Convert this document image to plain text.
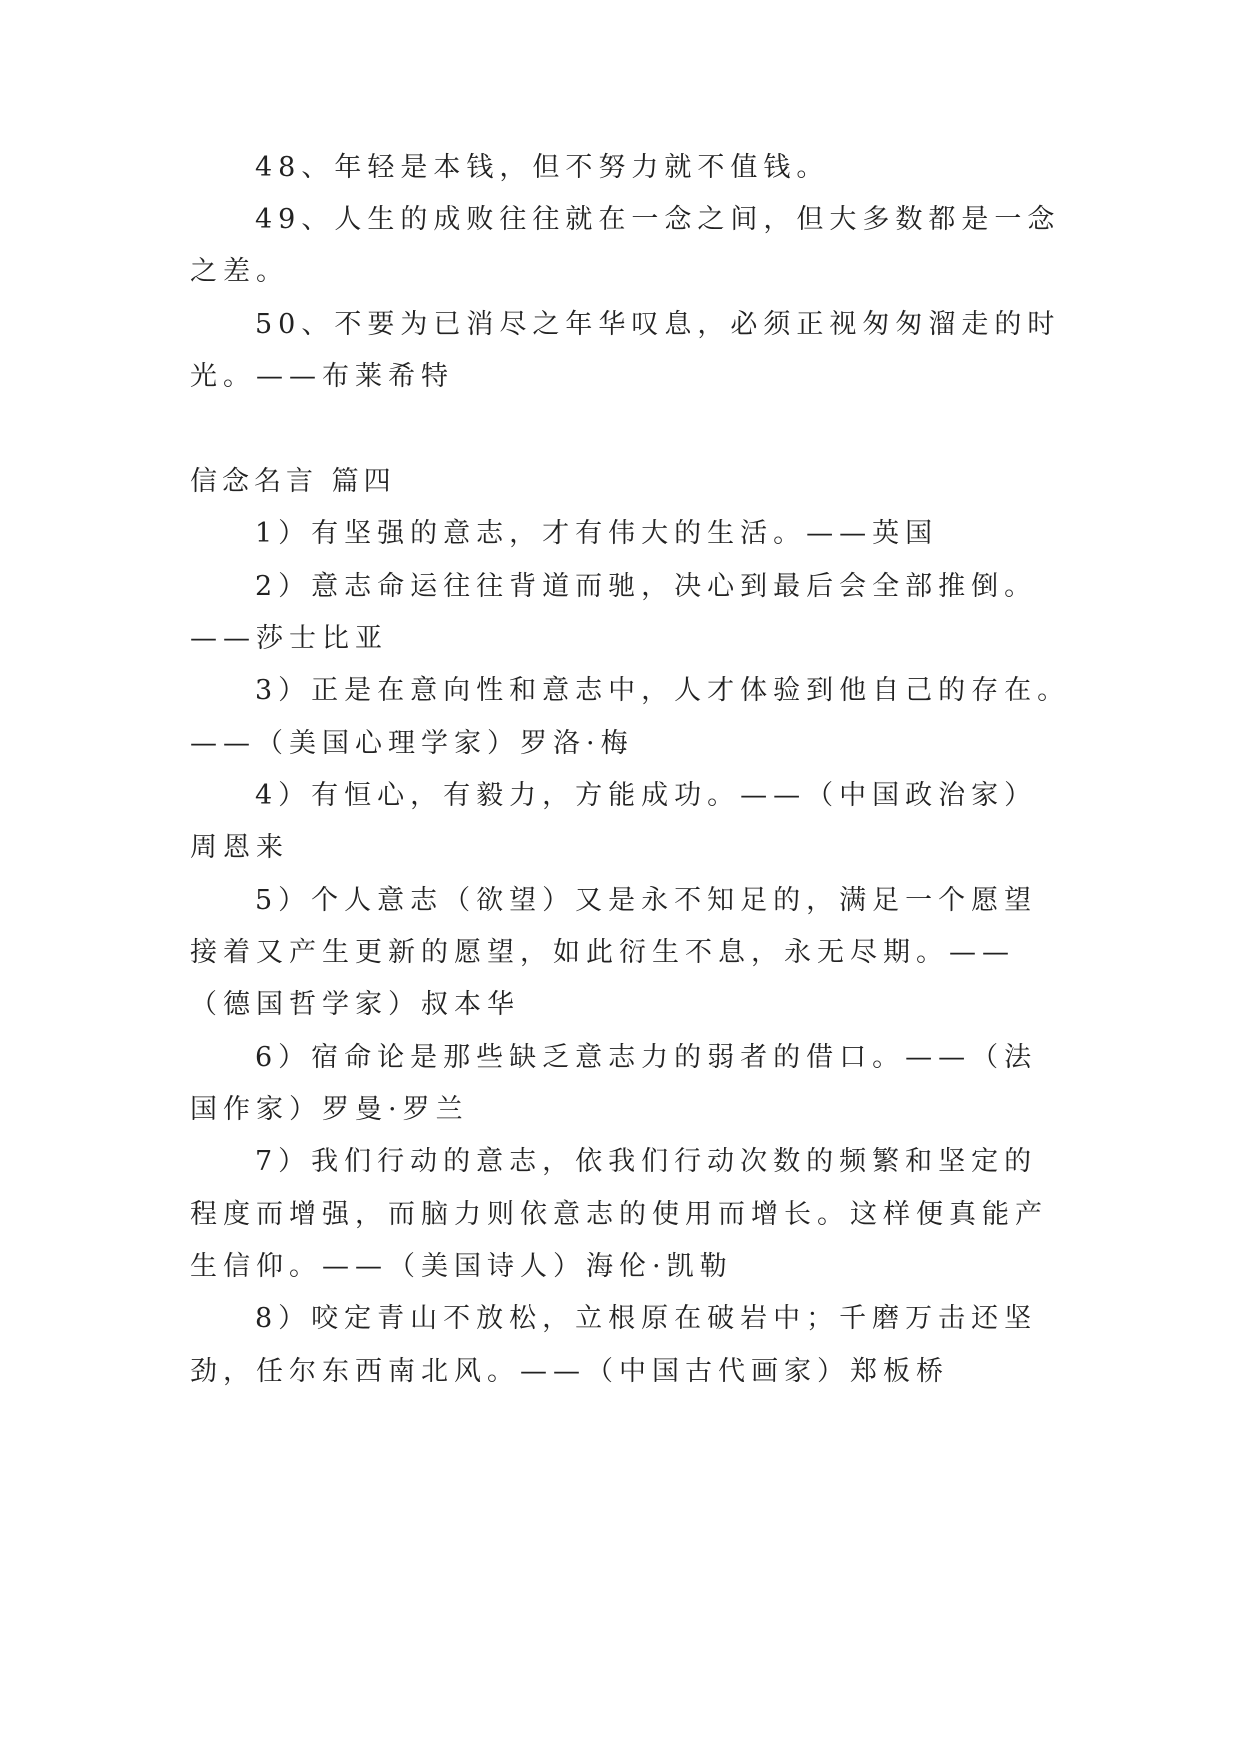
48、年轻是本钱，但不努力就不值钱。
49、人生的成败往往就在一念之间，但大多数都是一念
之差。
50、不要为已消尽之年华叹息，必须正视匆匆溜走的时
光。——布莱希特
信念名言 篇四
1）有坚强的意志，才有伟大的生活。——英国
2）意志命运往往背道而驰，决心到最后会全部推倒。
——莎士比亚
3）正是在意向性和意志中，人才体验到他自己的存在。
——（美国心理学家）罗洛·梅
4）有恒心，有毅力，方能成功。——（中国政治家）
周恩来
5）个人意志（欲望）又是永不知足的，满足一个愿望
接着又产生更新的愿望，如此衍生不息，永无尽期。——
（德国哲学家）叔本华
6）宿命论是那些缺乏意志力的弱者的借口。——（法
国作家）罗曼·罗兰
7）我们行动的意志，依我们行动次数的频繁和坚定的
程度而增强，而脑力则依意志的使用而增长。这样便真能产
生信仰。——（美国诗人）海伦·凯勒
8）咬定青山不放松，立根原在破岩中；千磨万击还坚
劲，任尔东西南北风。——（中国古代画家）郑板桥
